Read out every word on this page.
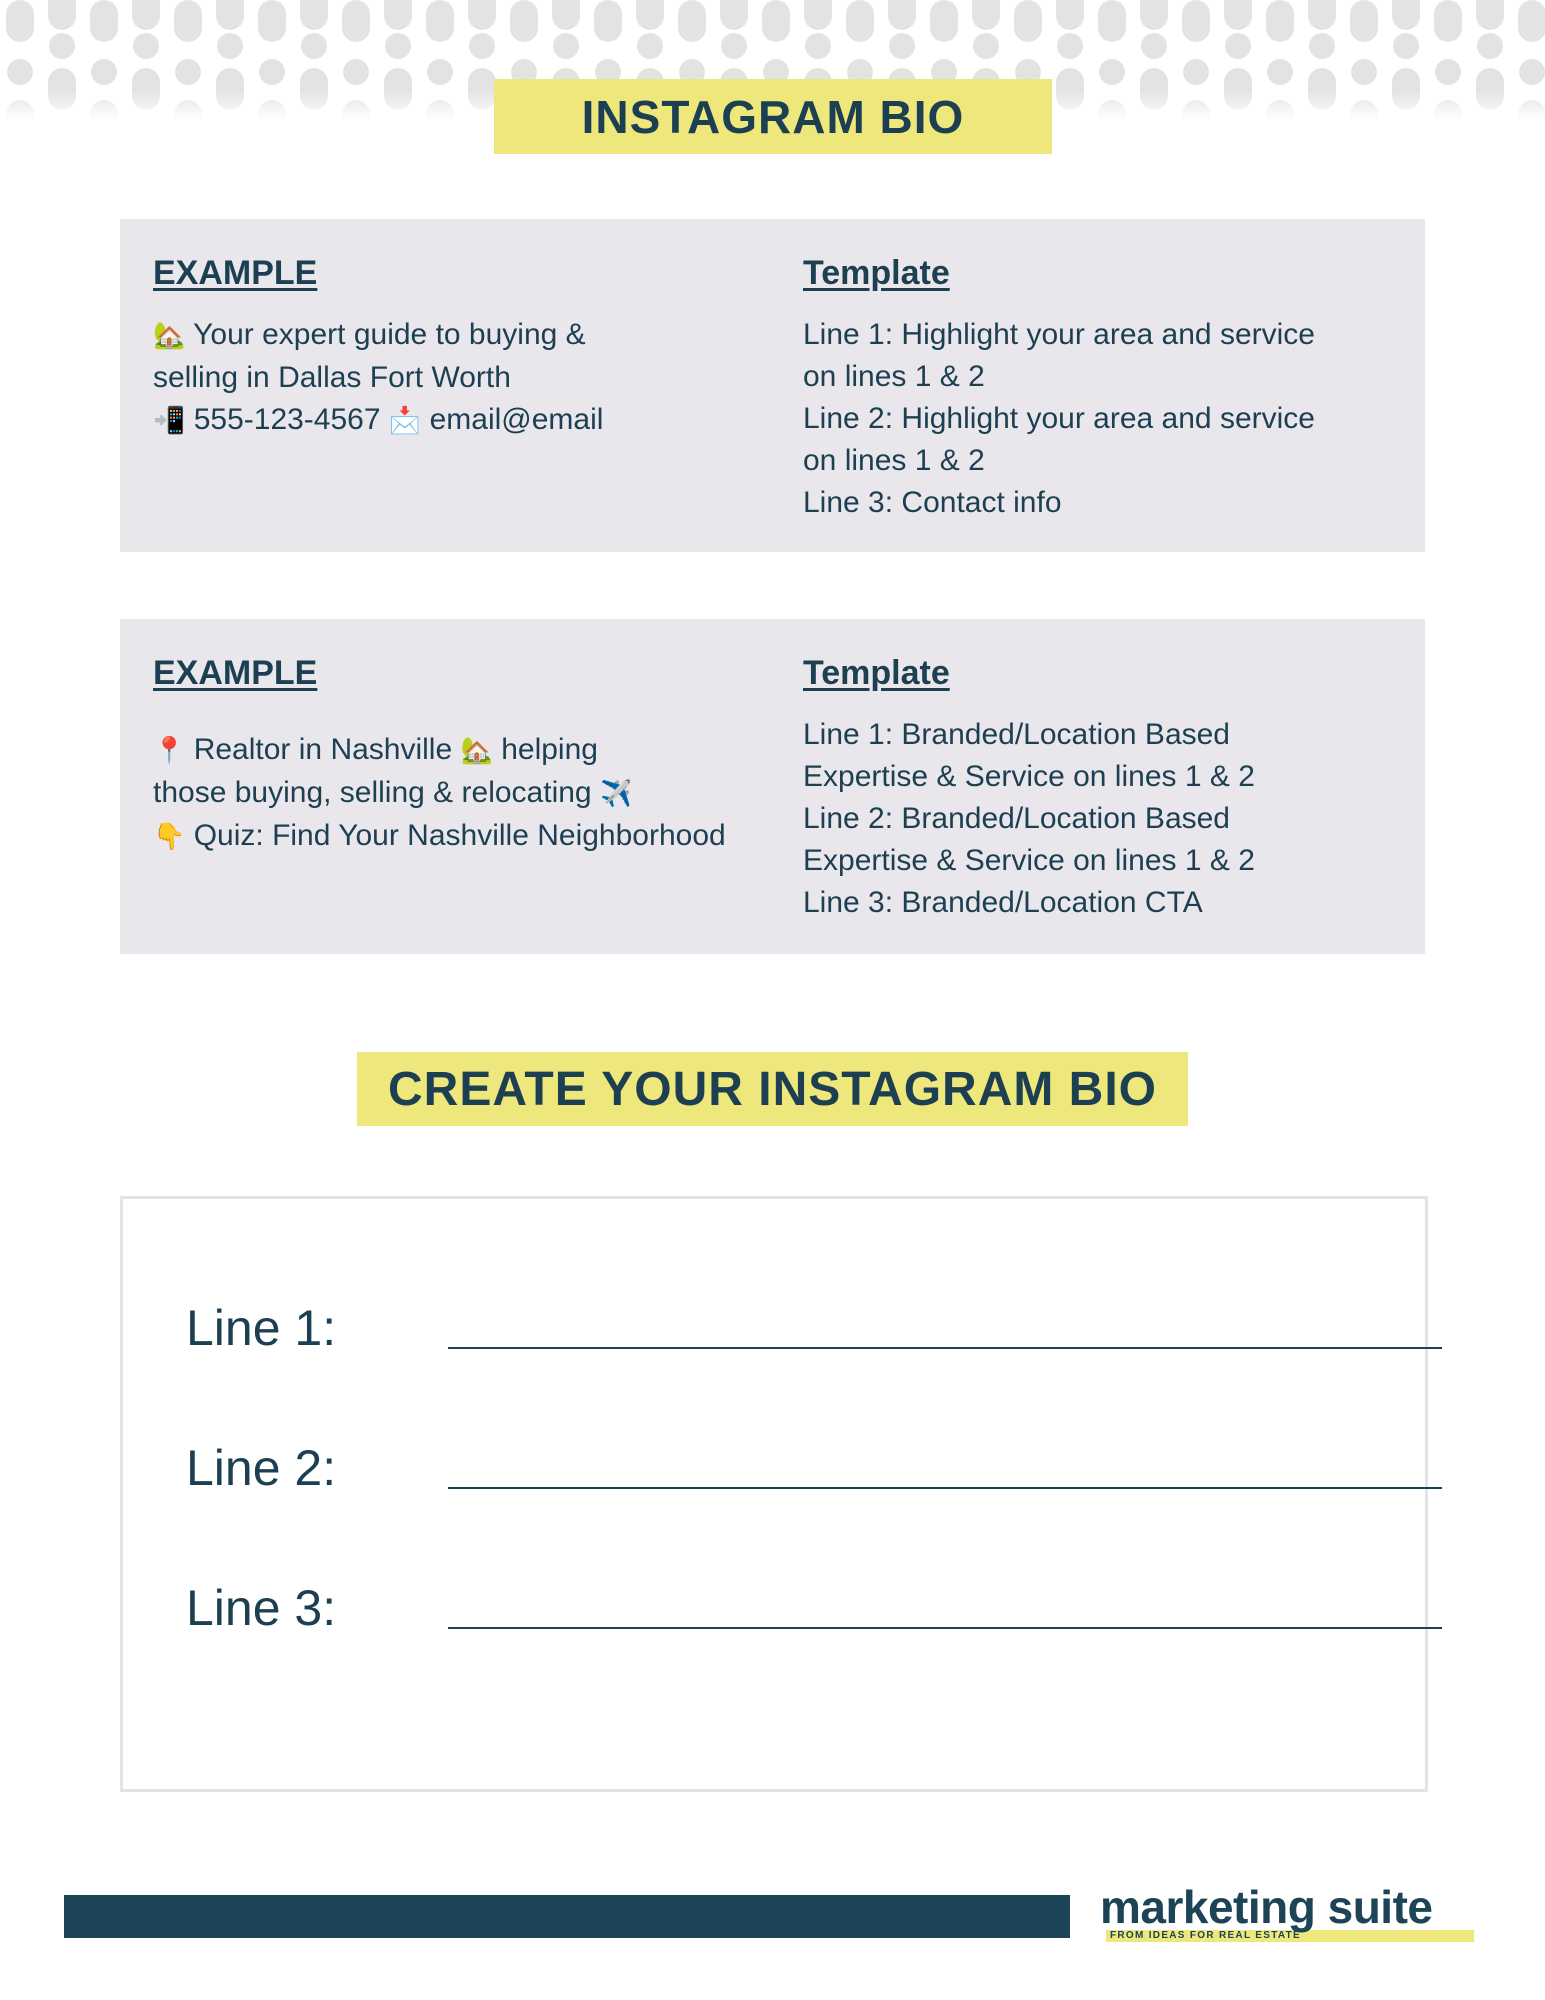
INSTAGRAM BIO
EXAMPLE
🏡 Your expert guide to buying &
selling in Dallas Fort Worth
📲 555-123-4567 📩 email@email
Template
Line 1: Highlight your area and service
on lines 1 & 2
Line 2: Highlight your area and service
on lines 1 & 2
Line 3: Contact info
EXAMPLE
📍 Realtor in Nashville 🏡 helping
those buying, selling & relocating ✈️
👇 Quiz: Find Your Nashville Neighborhood
Template
Line 1: Branded/Location Based
Expertise & Service on lines 1 & 2
Line 2: Branded/Location Based
Expertise & Service on lines 1 & 2
Line 3: Branded/Location CTA
CREATE YOUR INSTAGRAM BIO
Line 1:
Line 2:
Line 3:
marketing suite
FROM IDEAS FOR REAL ESTATE
